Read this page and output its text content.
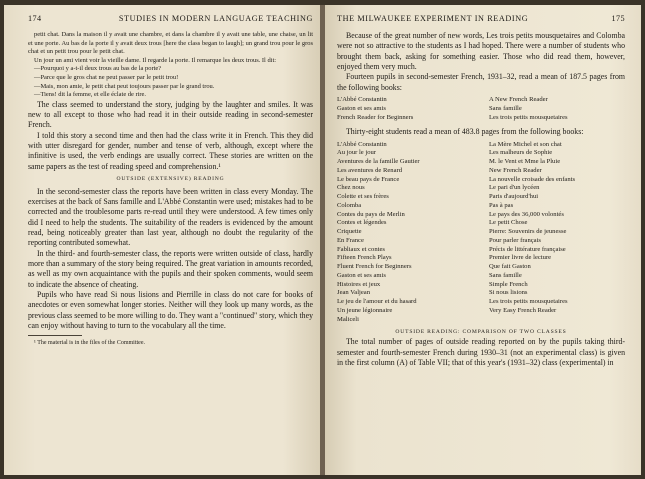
174	STUDIES IN MODERN LANGUAGE TEACHING

petit chat. Dans la maison il y avait une chambre, et dans la chambre il y avait une table, une chaise, un lit et une porte. Au bas de la porte il y avait deux trous [here the class began to laugh]; un grand trou pour le gros chat et un petit trou pour le petit chat.

Un jour un ami vient voir la vieille dame. Il regarde la porte. Il remarque les deux trous. Il dit:

—Pourquoi y a-t-il deux trous au bas de la porte?

—Parce que le gros chat ne peut passer par le petit trou!

—Mais, mon amie, le petit chat peut toujours passer par le grand trou.

—Tiens! dit la femme, et elle éclate de rire.

The class seemed to understand the story, judging by the laughter and smiles. It was new to all except to those who had read it in their outside reading in second-semester French.

I told this story a second time and then had the class write it in French. This they did with utter disregard for gender, number and tense of verb, although, except where the infinitive is used, the verb endings are usually correct. These stories are written on the same papers as the test of reading speed and comprehension.¹

OUTSIDE (EXTENSIVE) READING

In the second-semester class the reports have been written in class every Monday. The exercises at the back of Sans famille and L'Abbé Constantin were used; mistakes had to be corrected and the troublesome parts re-read until they were understood. A few times only did I need to help the students. The suitability of the readers is evidenced by the amount read, being noticeably greater than last year, although no doubt the regularity of the reporting contributed somewhat.

In the third- and fourth-semester class, the reports were written outside of class, hardly more than a summary of the story being required. The great variation in amounts recorded, as well as my own acquaintance with the pupils and their spoken comments, would seem to indicate the absence of cheating.

Pupils who have read Si nous lisions and Pierrille in class do not care for books of anecdotes or even somewhat longer stories. Neither will they look up many words, as the previous class seemed to be more willing to do. They want a "continued" story, which they can enjoy without having to turn to the vocabulary all the time.

¹ The material is in the files of the Committee.

THE MILWAUKEE EXPERIMENT IN READING	175

Because of the great number of new words, Les trois petits mousquetaires and Colomba were not so attractive to the students as I had hoped. There were a number of students who brought them back, asking for something easier. Those who did read them, however, enjoyed them very much.

Fourteen pupils in second-semester French, 1931–32, read a mean of 187.5 pages from the following books:

L'Abbé Constantin
Gaston et ses amis
French Reader for Beginners
A New French Reader
Sans famille
Les trois petits mousquetaires

Thirty-eight students read a mean of 483.8 pages from the following books:

L'Abbé Constantin
Au jour le jour
Aventures de la famille Gautier
Les aventures de Renard
Le beau pays de France
Chez nous
Colette et ses frères
Colomba
Contes du pays de Merlin
Contes et légendes
Criquette
En France
Fabliaux et contes
Fifteen French Plays
Fluent French for Beginners
Gaston et ses amis
Histoires et jeux
Jean Valjean
Le jeu de l'amour et du hasard
Un jeune légionnaire
Maliceli
La Mère Michel et son chat
Les malheurs de Sophie
M. le Vent et Mme la Pluie
New French Reader
La nouvelle croisade des enfants
Le pari d'un lycéen
Paris d'aujourd'hui
Pas à pas
Le pays des 36,000 volontés
Le petit Chose
Pierre: Souvenirs de jeunesse
Pour parler français
Précis de littérature française
Premier livre de lecture
Que fait Gaston
Sans famille
Simple French
Si nous lisions
Les trois petits mousquetaires
Very Easy French Reader
OUTSIDE READING: COMPARISON OF TWO CLASSES

The total number of pages of outside reading reported on by the pupils taking third-semester and fourth-semester French during 1930–31 (not an experimental class) is given in the first column (A) of Table VII; that of this year's (1931–32) class (experimental) in
